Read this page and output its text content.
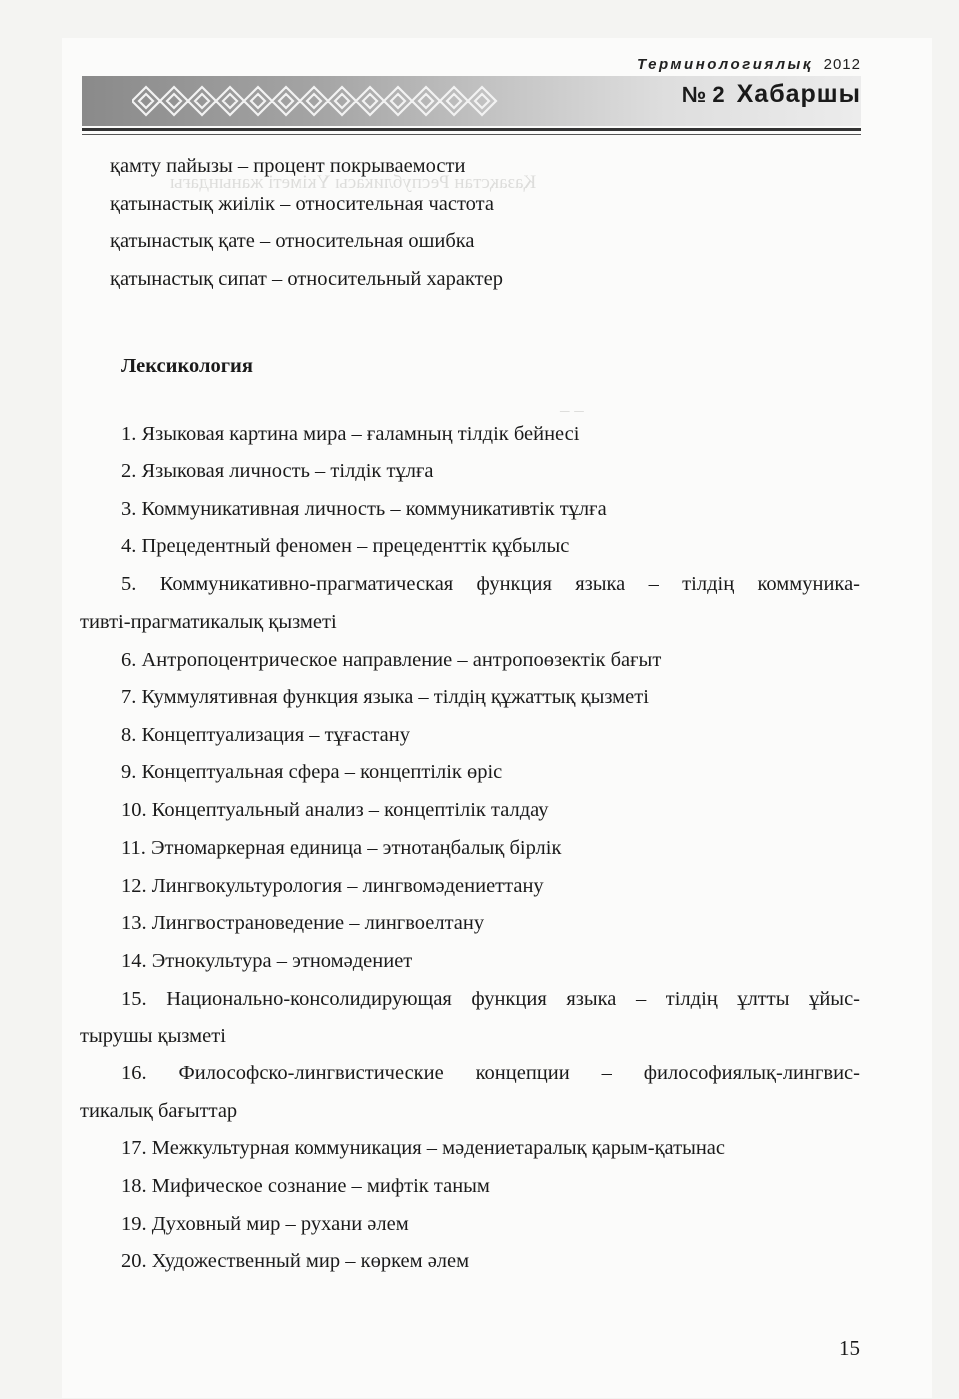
Қазақстан Республикасы Үкіметі жанындағы
– –
Терминологиялық 2012
№ 2 Хабаршы
қамту пайызы – процент покрываемости
қатынастық жиілік – относительная частота
қатынастық қате – относительная ошибка
қатынастық сипат – относительный характер
Лексикология
1. Языковая картина мира – ғаламның тілдік бейнесі
2. Языковая личность – тілдік тұлға
3. Коммуникативная личность – коммуникативтік тұлға
4. Прецедентный феномен – прецеденттік құбылыс
5. Коммуникативно-прагматическая функция языка – тілдің коммуника-
тивті-прагматикалық қызметі
6. Антропоцентрическое направление – антропоөзектік бағыт
7. Куммулятивная функция языка – тілдің құжаттық қызметі
8. Концептуализация – тұғастану
9. Концептуальная сфера – концептілік өріс
10. Концептуальный анализ – концептілік талдау
11. Этномаркерная единица – этнотаңбалық бірлік
12. Лингвокультурология – лингвомәдениеттану
13. Лингвострановедение – лингвоелтану
14. Этнокультура – этномәдениет
15. Национально-консолидирующая функция языка – тілдің ұлтты ұйыс-
тырушы қызметі
16. Философско-лингвистические концепции – философиялық-лингвис-
тикалық бағыттар
17. Межкультурная коммуникация – мәдениетаралық қарым-қатынас
18. Мифическое сознание – мифтік таным
19. Духовный мир – рухани әлем
20. Художественный мир – көркем әлем
15
